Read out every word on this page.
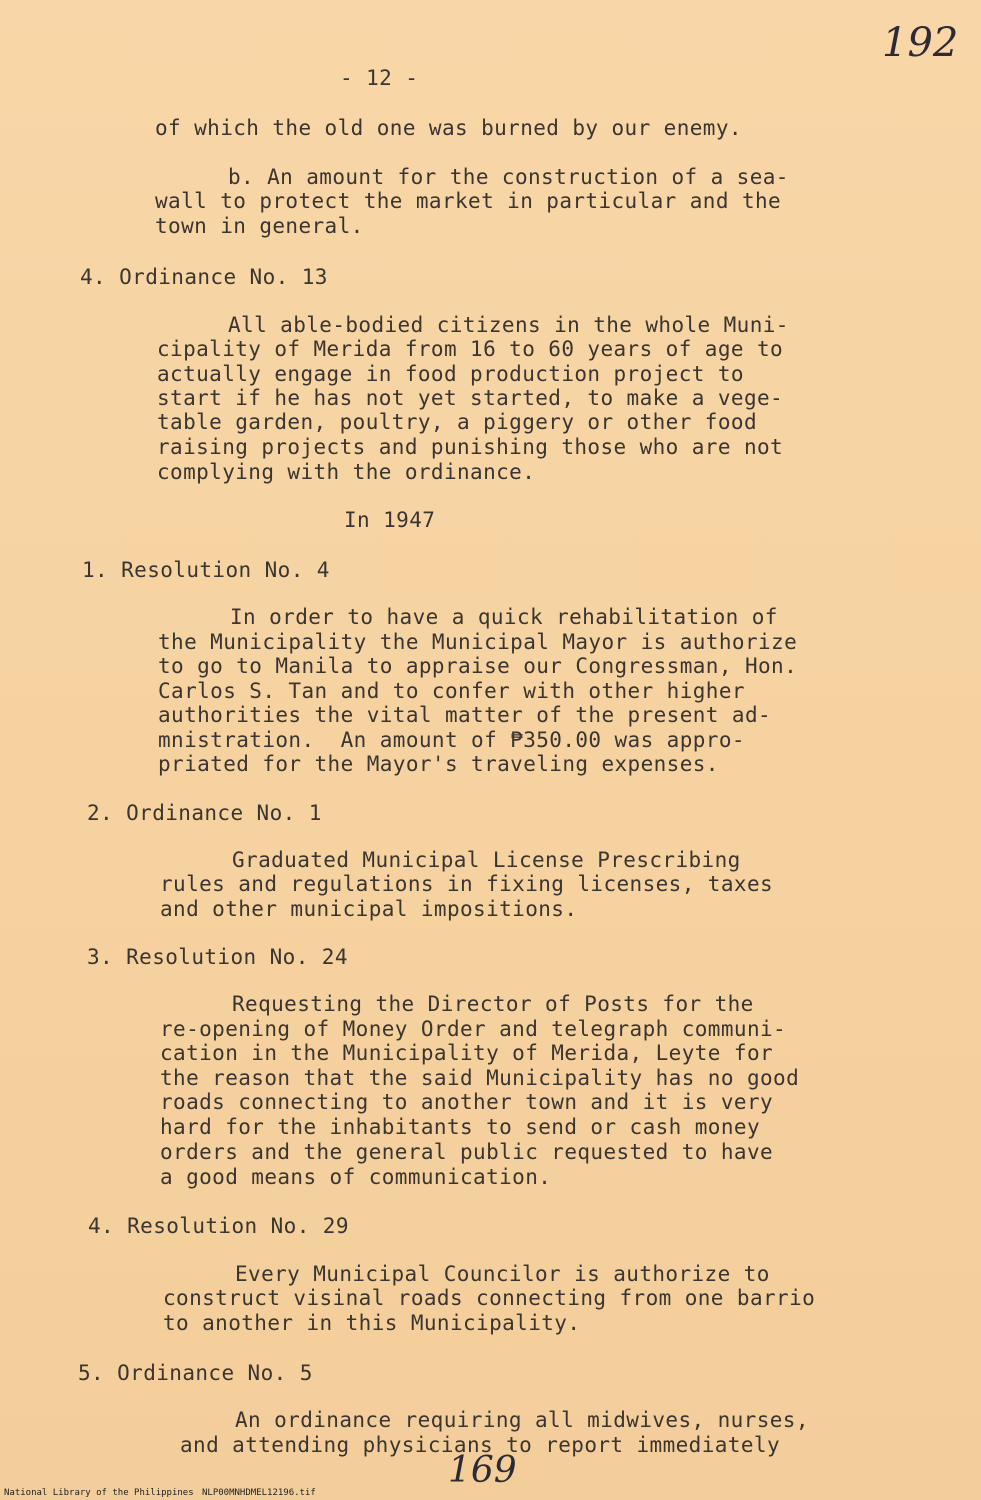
192
- 12 -
of which the old one was burned by our enemy.
b. An amount for the construction of a sea-
wall to protect the market in particular and the
town in general.
4. Ordinance No. 13
All able-bodied citizens in the whole Muni-
cipality of Merida from 16 to 60 years of age to
actually engage in food production project to
start if he has not yet started, to make a vege-
table garden, poultry, a piggery or other food
raising projects and punishing those who are not
complying with the ordinance.
In 1947
1. Resolution No. 4
In order to have a quick rehabilitation of
the Municipality the Municipal Mayor is authorize
to go to Manila to appraise our Congressman, Hon.
Carlos S. Tan and to confer with other higher
authorities the vital matter of the present ad-
mnistration.  An amount of ₱350.00 was appro-
priated for the Mayor's traveling expenses.
2. Ordinance No. 1
Graduated Municipal License Prescribing
rules and regulations in fixing licenses, taxes
and other municipal impositions.
3. Resolution No. 24
Requesting the Director of Posts for the
re-opening of Money Order and telegraph communi-
cation in the Municipality of Merida, Leyte for
the reason that the said Municipality has no good
roads connecting to another town and it is very
hard for the inhabitants to send or cash money
orders and the general public requested to have
a good means of communication.
4. Resolution No. 29
Every Municipal Councilor is authorize to
construct visinal roads connecting from one barrio
to another in this Municipality.
5. Ordinance No. 5
An ordinance requiring all midwives, nurses,
and attending physicians to report immediately
169
National Library of the Philippines NLP00MNHDMEL12196.tif
